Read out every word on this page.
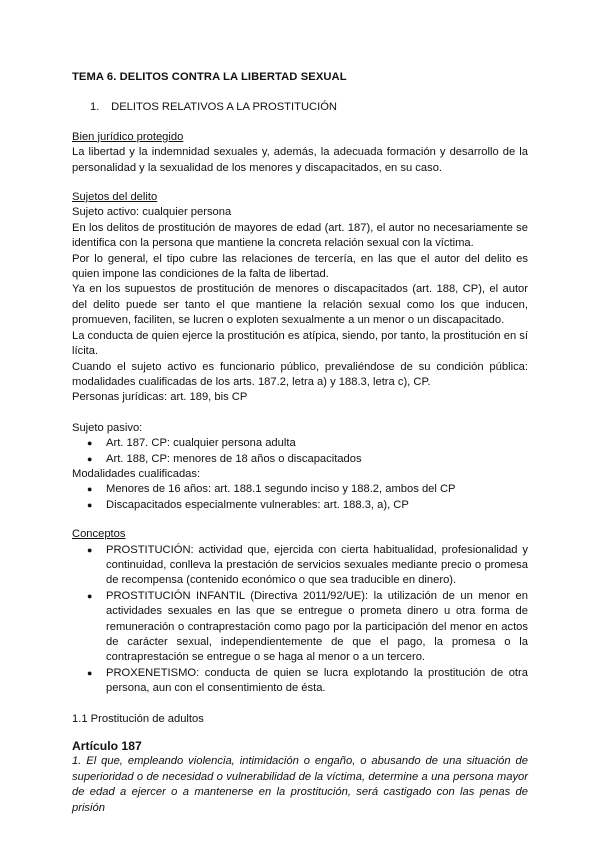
TEMA 6. DELITOS CONTRA LA LIBERTAD SEXUAL

1. DELITOS RELATIVOS A LA PROSTITUCIÓN

Bien jurídico protegido

La libertad y la indemnidad sexuales y, además, la adecuada formación y desarrollo de la personalidad y la sexualidad de los menores y discapacitados, en su caso.

Sujetos del delito

Sujeto activo: cualquier persona

En los delitos de prostitución de mayores de edad (art. 187), el autor no necesariamente se identifica con la persona que mantiene la concreta relación sexual con la víctima.

Por lo general, el tipo cubre las relaciones de tercería, en las que el autor del delito es quien impone las condiciones de la falta de libertad.

Ya en los supuestos de prostitución de menores o discapacitados (art. 188, CP), el autor del delito puede ser tanto el que mantiene la relación sexual como los que inducen, promueven, faciliten, se lucren o exploten sexualmente a un menor o un discapacitado.

La conducta de quien ejerce la prostitución es atípica, siendo, por tanto, la prostitución en sí lícita.

Cuando el sujeto activo es funcionario público, prevaliéndose de su condición pública: modalidades cualificadas de los arts. 187.2, letra a) y 188.3, letra c), CP.

Personas jurídicas: art. 189, bis CP

Sujeto pasivo:

● Art. 187. CP: cualquier persona adulta
● Art. 188, CP: menores de 18 años o discapacitados

Modalidades cualificadas:

● Menores de 16 años: art. 188.1 segundo inciso y 188.2, ambos del CP
● Discapacitados especialmente vulnerables: art. 188.3, a), CP

Conceptos

● PROSTITUCIÓN: actividad que, ejercida con cierta habitualidad, profesionalidad y continuidad, conlleva la prestación de servicios sexuales mediante precio o promesa de recompensa (contenido económico o que sea traducible en dinero).
● PROSTITUCIÓN INFANTIL (Directiva 2011/92/UE): la utilización de un menor en actividades sexuales en las que se entregue o prometa dinero u otra forma de remuneración o contraprestación como pago por la participación del menor en actos de carácter sexual, independientemente de que el pago, la promesa o la contraprestación se entregue o se haga al menor o a un tercero.
● PROXENETISMO: conducta de quien se lucra explotando la prostitución de otra persona, aun con el consentimiento de ésta.

1.1 Prostitución de adultos

Artículo 187

1. El que, empleando violencia, intimidación o engaño, o abusando de una situación de superioridad o de necesidad o vulnerabilidad de la víctima, determine a una persona mayor de edad a ejercer o a mantenerse en la prostitución, será castigado con las penas de prisión
